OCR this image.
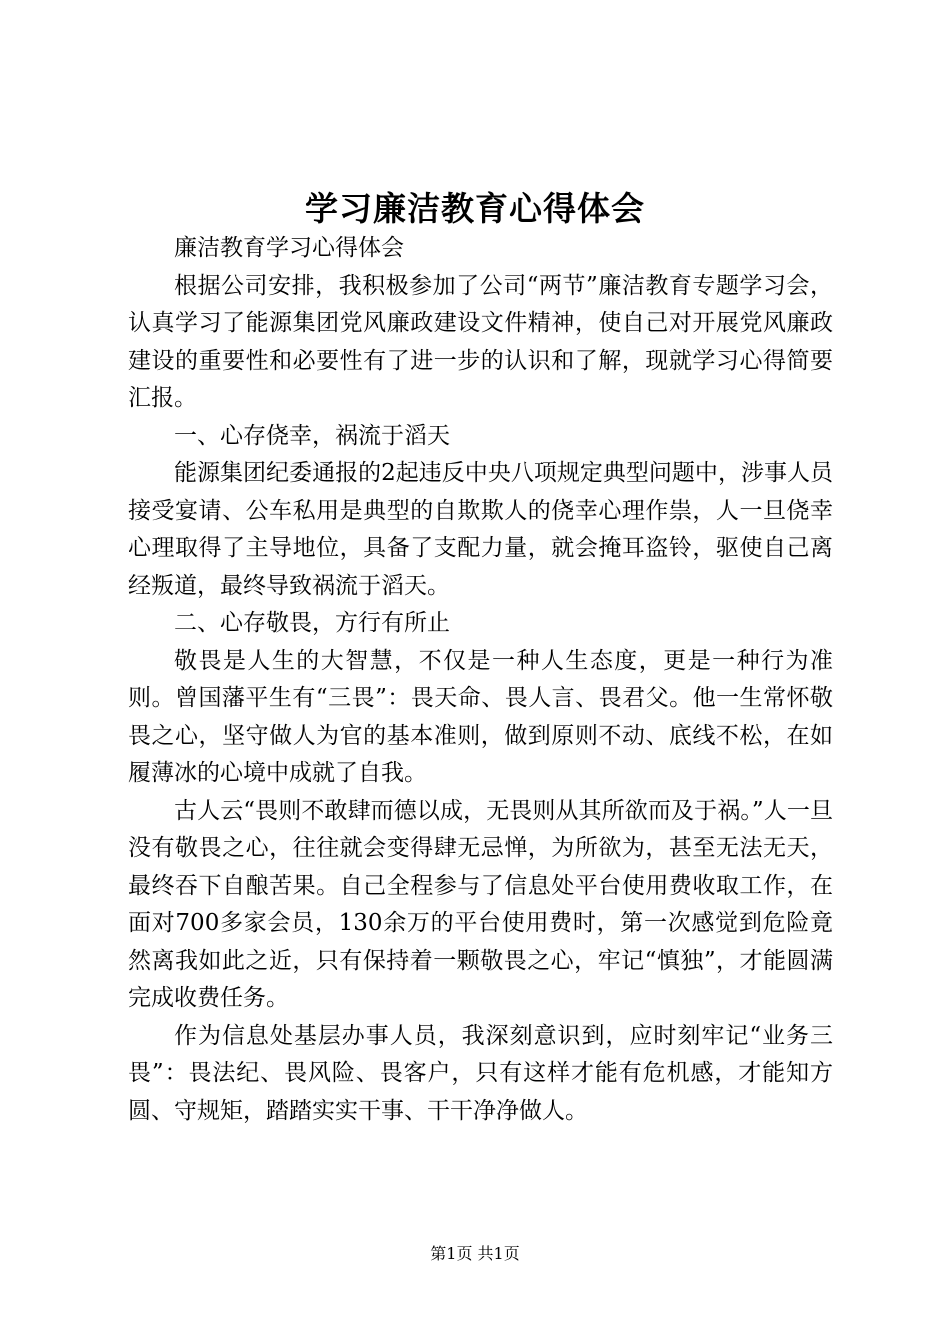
学习廉洁教育心得体会

廉洁教育学习心得体会

根据公司安排，我积极参加了公司“两节”廉洁教育专题学习会，认真学习了能源集团党风廉政建设文件精神，使自己对开展党风廉政建设的重要性和必要性有了进一步的认识和了解，现就学习心得简要汇报。

一、心存侥幸，祸流于滔天

能源集团纪委通报的2起违反中央八项规定典型问题中，涉事人员接受宴请、公车私用是典型的自欺欺人的侥幸心理作祟，人一旦侥幸心理取得了主导地位，具备了支配力量，就会掩耳盗铃，驱使自己离经叛道，最终导致祸流于滔天。

二、心存敬畏，方行有所止

敬畏是人生的大智慧，不仅是一种人生态度，更是一种行为准则。曾国藩平生有“三畏”：畏天命、畏人言、畏君父。他一生常怀敬畏之心，坚守做人为官的基本准则，做到原则不动、底线不松，在如履薄冰的心境中成就了自我。

古人云“畏则不敢肆而德以成，无畏则从其所欲而及于祸。”人一旦没有敬畏之心，往往就会变得肆无忌惮，为所欲为，甚至无法无天，最终吞下自酿苦果。自己全程参与了信息处平台使用费收取工作，在面对700多家会员，130余万的平台使用费时，第一次感觉到危险竟然离我如此之近，只有保持着一颗敬畏之心，牢记“慎独”，才能圆满完成收费任务。

作为信息处基层办事人员，我深刻意识到，应时刻牢记“业务三畏”：畏法纪、畏风险、畏客户，只有这样才能有危机感，才能知方圆、守规矩，踏踏实实干事、干干净净做人。

第1页 共1页
